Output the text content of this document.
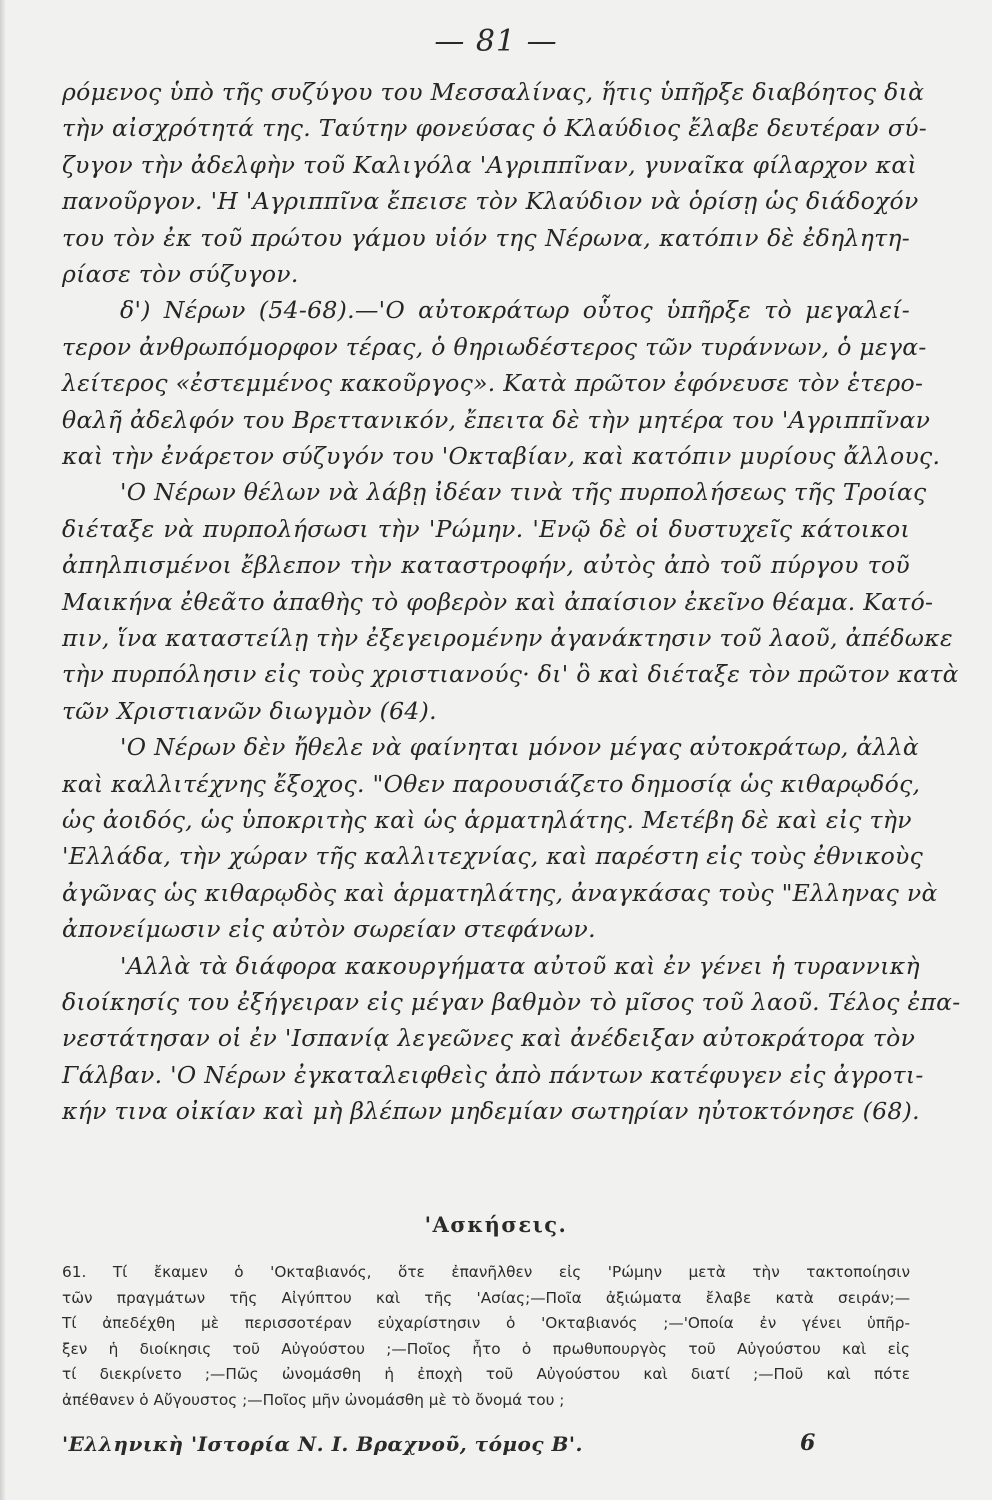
— 81 —
ρόμενος ὑπὸ τῆς συζύγου του Μεσσαλίνας, ἥτις ὑπῆρξε διαβόητος διὰ
τὴν αἰσχρότητά της. Ταύτην φονεύσας ὁ Κλαύδιος ἔλαβε δευτέραν σύ-
ζυγον τὴν ἀδελφὴν τοῦ Καλιγόλα 'Αγριππῖναν, γυναῖκα φίλαρχον καὶ
πανοῦργον. 'Η 'Αγριππῖνα ἔπεισε τὸν Κλαύδιον νὰ ὁρίσῃ ὡς διάδοχόν
του τὸν ἐκ τοῦ πρώτου γάμου υἱόν της Νέρωνα, κατόπιν δὲ ἐδηλητη-
ρίασε τὸν σύζυγον.
δ') Νέρων (54-68).—'Ο αὐτοκράτωρ οὗτος ὑπῆρξε τὸ μεγαλεί-
τερον ἀνθρωπόμορφον τέρας, ὁ θηριωδέστερος τῶν τυράννων, ὁ μεγα-
λείτερος «ἐστεμμένος κακοῦργος». Κατὰ πρῶτον ἐφόνευσε τὸν ἑτερο-
θαλῆ ἀδελφόν του Βρεττανικόν, ἔπειτα δὲ τὴν μητέρα του 'Αγριππῖναν
καὶ τὴν ἐνάρετον σύζυγόν του 'Οκταβίαν, καὶ κατόπιν μυρίους ἄλλους.
'Ο Νέρων θέλων νὰ λάβῃ ἰδέαν τινὰ τῆς πυρπολήσεως τῆς Τροίας
διέταξε νὰ πυρπολήσωσι τὴν 'Ρώμην. 'Ενῷ δὲ οἱ δυστυχεῖς κάτοικοι
ἀπηλπισμένοι ἔβλεπον τὴν καταστροφήν, αὐτὸς ἀπὸ τοῦ πύργου τοῦ
Μαικήνα ἐθεᾶτο ἀπαθὴς τὸ φοβερὸν καὶ ἀπαίσιον ἐκεῖνο θέαμα. Κατό-
πιν, ἵνα καταστείλῃ τὴν ἐξεγειρομένην ἀγανάκτησιν τοῦ λαοῦ, ἀπέδωκε
τὴν πυρπόλησιν εἰς τοὺς χριστιανούς· δι' ὃ καὶ διέταξε τὸν πρῶτον κατὰ
τῶν Χριστιανῶν διωγμὸν (64).
'Ο Νέρων δὲν ἤθελε νὰ φαίνηται μόνον μέγας αὐτοκράτωρ, ἀλλὰ
καὶ καλλιτέχνης ἔξοχος. "Οθεν παρουσιάζετο δημοσίᾳ ὡς κιθαρῳδός,
ὡς ἀοιδός, ὡς ὑποκριτὴς καὶ ὡς ἁρματηλάτης. Μετέβη δὲ καὶ εἰς τὴν
'Ελλάδα, τὴν χώραν τῆς καλλιτεχνίας, καὶ παρέστη εἰς τοὺς ἐθνικοὺς
ἀγῶνας ὡς κιθαρῳδὸς καὶ ἁρματηλάτης, ἀναγκάσας τοὺς "Ελληνας νὰ
ἀπονείμωσιν εἰς αὐτὸν σωρείαν στεφάνων.
'Αλλὰ τὰ διάφορα κακουργήματα αὐτοῦ καὶ ἐν γένει ἡ τυραννικὴ
διοίκησίς του ἐξήγειραν εἰς μέγαν βαθμὸν τὸ μῖσος τοῦ λαοῦ. Τέλος ἐπα-
νεστάτησαν οἱ ἐν 'Ισπανίᾳ λεγεῶνες καὶ ἀνέδειξαν αὐτοκράτορα τὸν
Γάλβαν. 'Ο Νέρων ἐγκαταλειφθεὶς ἀπὸ πάντων κατέφυγεν εἰς ἀγροτι-
κήν τινα οἰκίαν καὶ μὴ βλέπων μηδεμίαν σωτηρίαν ηὐτοκτόνησε (68).
'Ασκήσεις.
61. Τί ἔκαμεν ὁ 'Οκταβιανός, ὅτε ἐπανῆλθεν εἰς 'Ρώμην μετὰ τὴν τακτοποίησιν
τῶν πραγμάτων τῆς Αἰγύπτου καὶ τῆς 'Ασίας;—Ποῖα ἀξιώματα ἔλαβε κατὰ σειράν;—
Τί ἀπεδέχθη μὲ περισσοτέραν εὐχαρίστησιν ὁ 'Οκταβιανός ;—'Οποία ἐν γένει ὑπῆρ-
ξεν ἡ διοίκησις τοῦ Αὐγούστου ;—Ποῖος ἦτο ὁ πρωθυπουργὸς τοῦ Αὐγούστου καὶ εἰς
τί διεκρίνετο ;—Πῶς ὠνομάσθη ἡ ἐποχὴ τοῦ Αὐγούστου καὶ διατί ;—Ποῦ καὶ πότε
ἀπέθανεν ὁ Αὔγουστος ;—Ποῖος μῆν ὠνομάσθη μὲ τὸ ὄνομά του ;
'Ελληνικὴ 'Ιστορία Ν. Ι. Βραχνοῦ, τόμος Β'.	6
